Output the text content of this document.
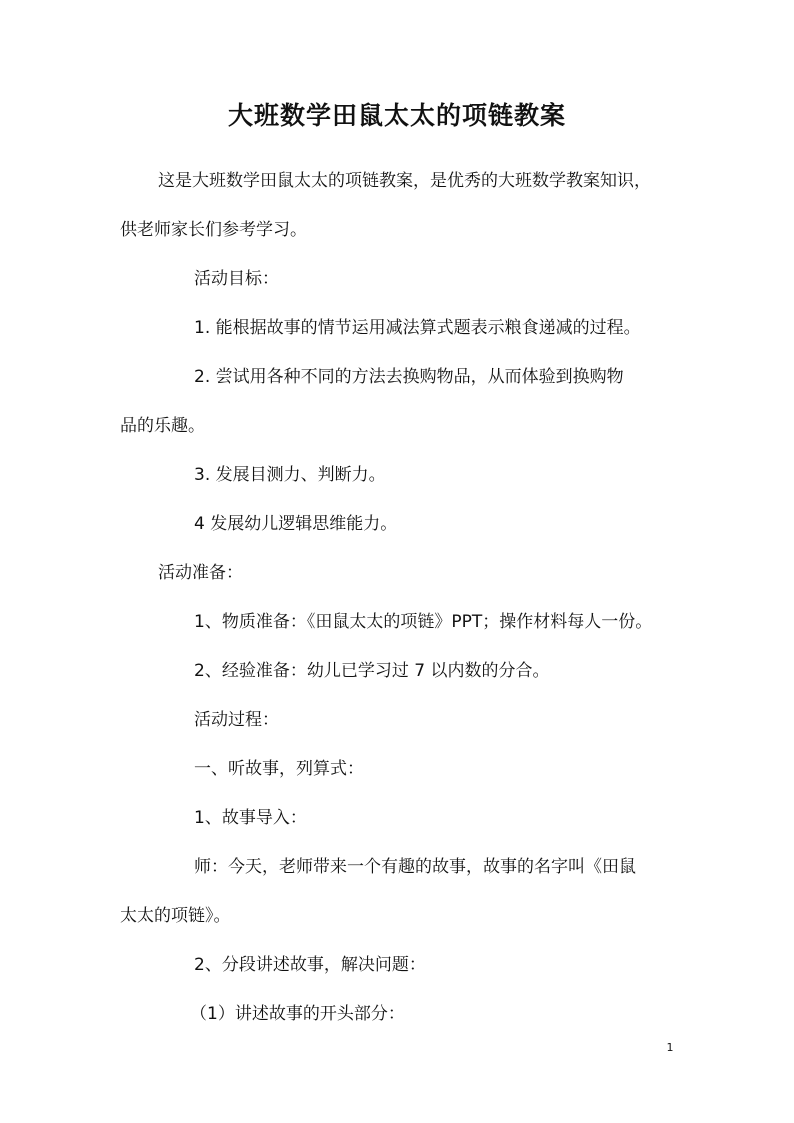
大班数学田鼠太太的项链教案
这是大班数学田鼠太太的项链教案，是优秀的大班数学教案知识，
供老师家长们参考学习。
活动目标：
1. 能根据故事的情节运用减法算式题表示粮食递减的过程。
2. 尝试用各种不同的方法去换购物品，从而体验到换购物
品的乐趣。
3. 发展目测力、判断力。
4 发展幼儿逻辑思维能力。
活动准备：
1、物质准备：《田鼠太太的项链》PPT；操作材料每人一份。
2、经验准备：幼儿已学习过 7 以内数的分合。
活动过程：
一、听故事，列算式：
1、故事导入：
师：今天，老师带来一个有趣的故事，故事的名字叫《田鼠
太太的项链》。
2、分段讲述故事，解决问题：
（1）讲述故事的开头部分：
1
